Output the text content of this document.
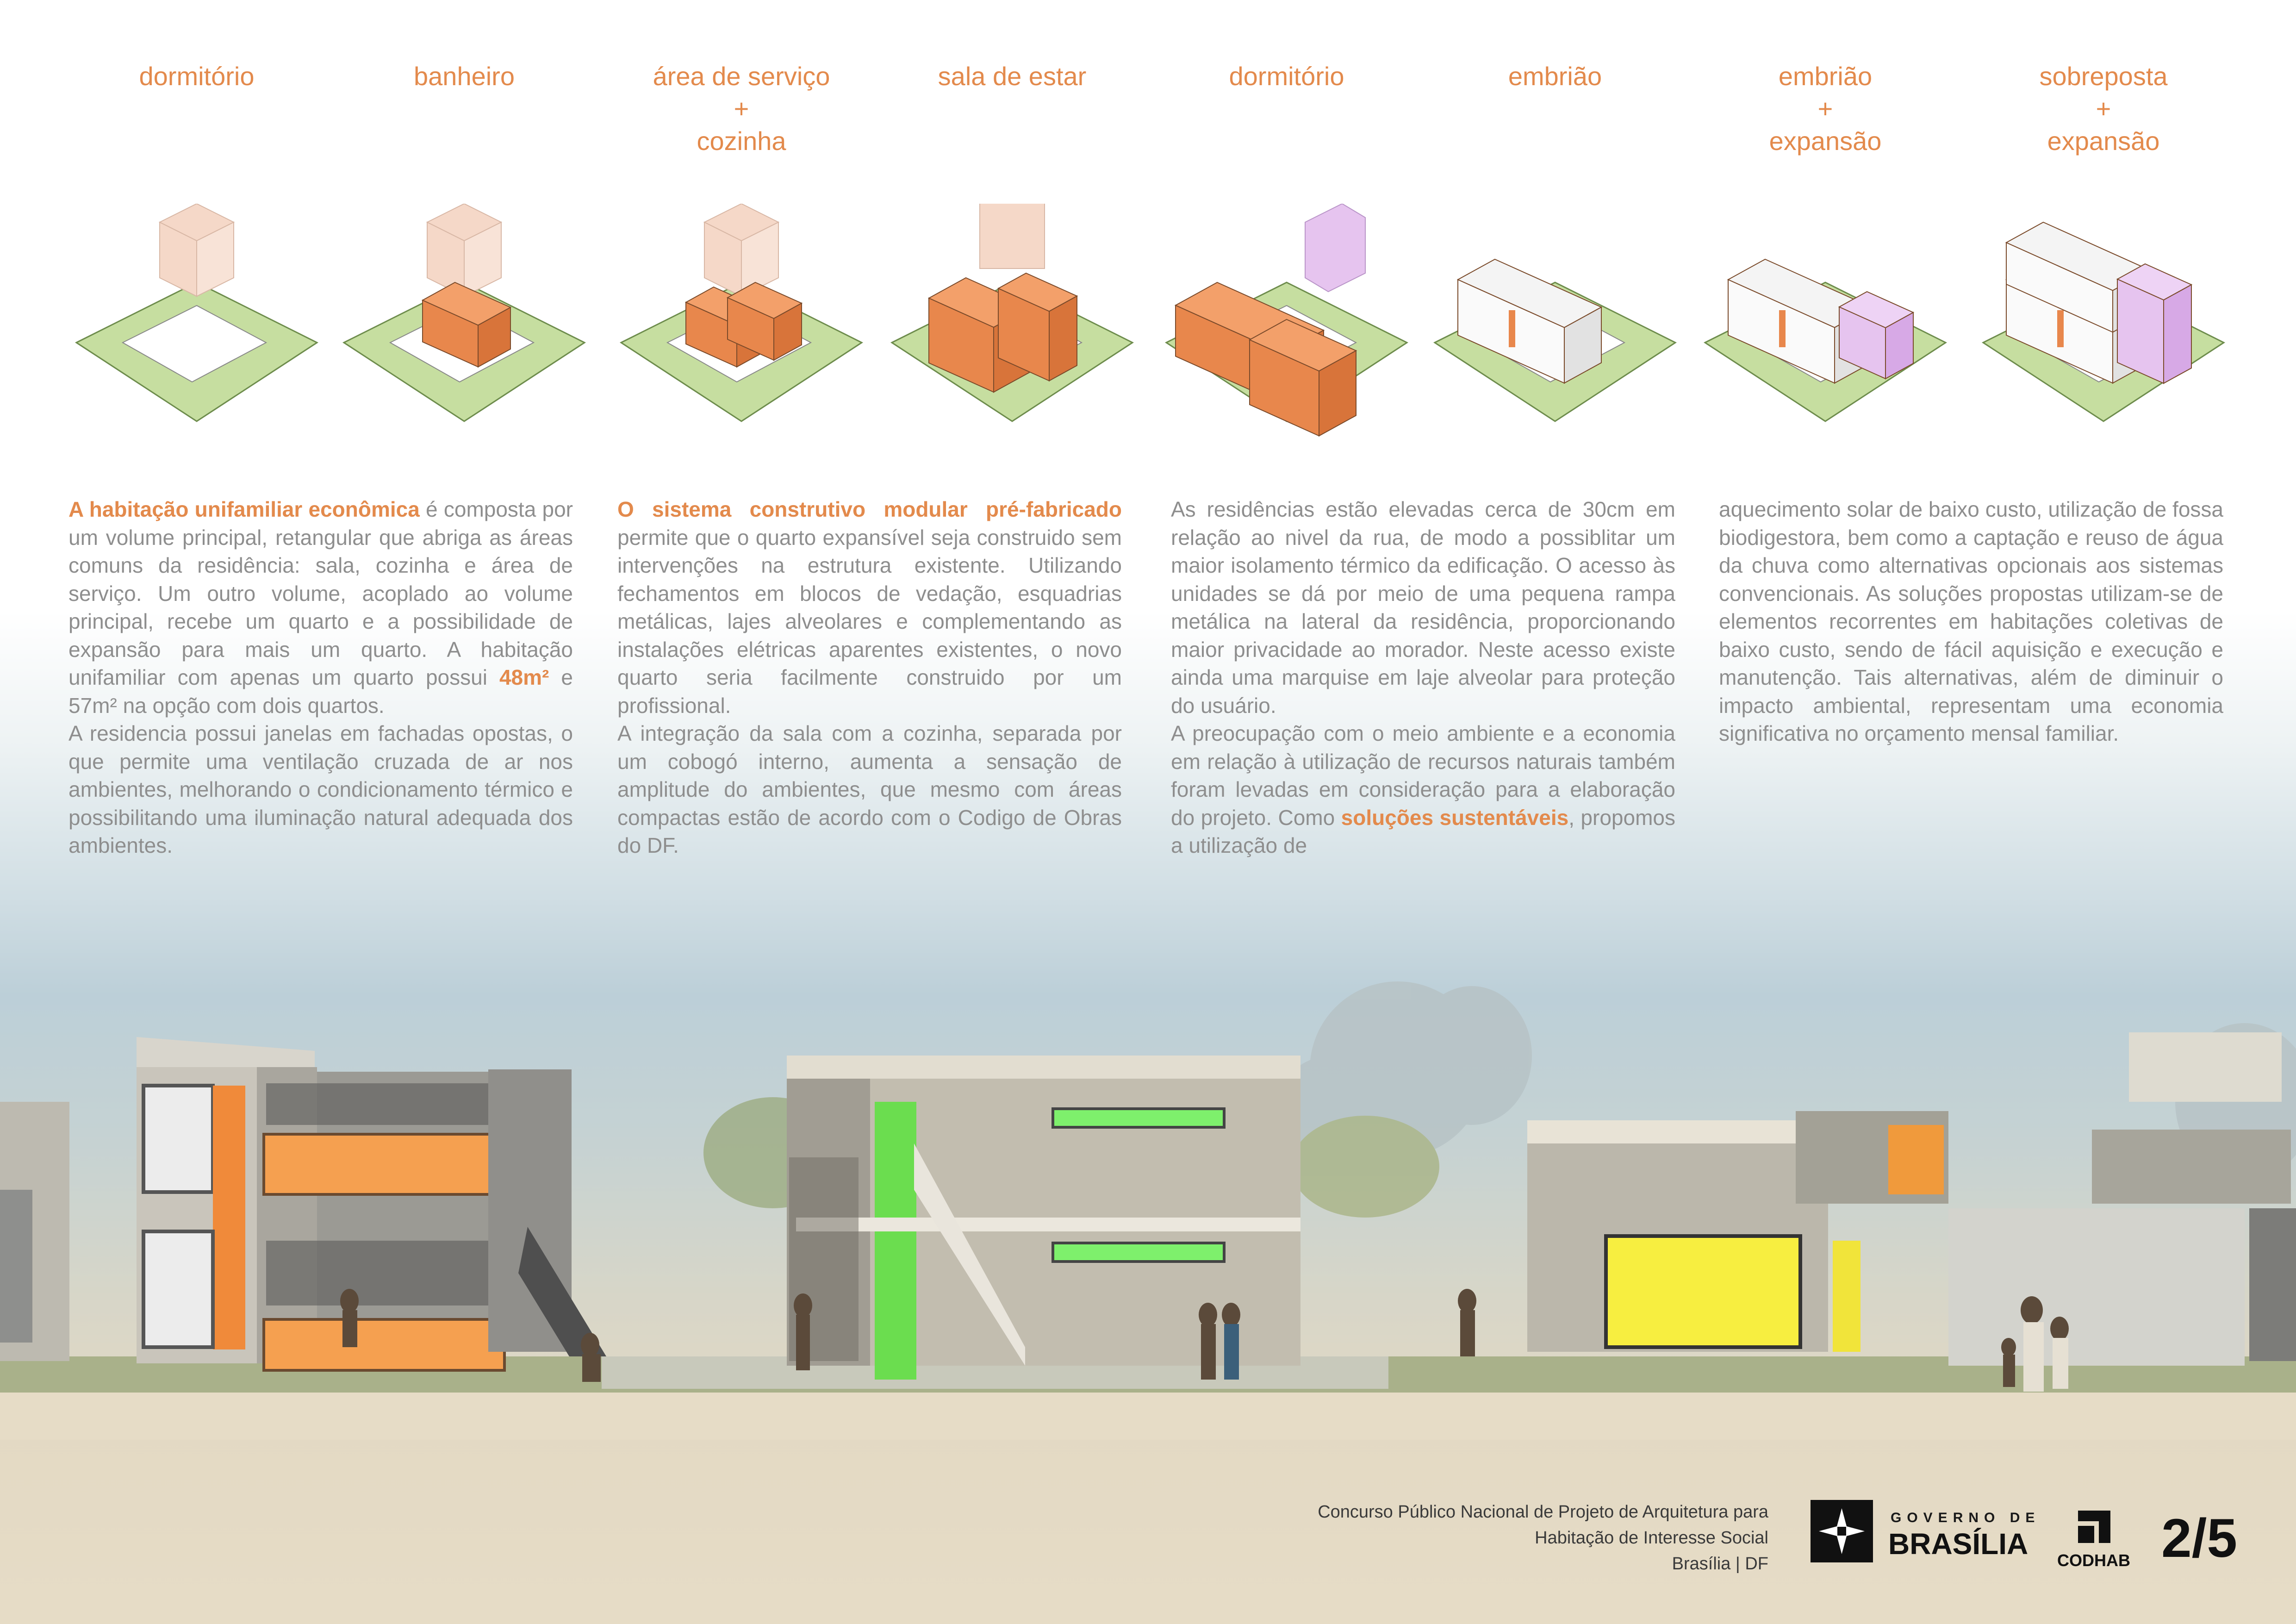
dormitório	banheiro	área de serviço
+
cozinha
sala de estar	dormitório	embrião	embrião
+
expansão
sobreposta
+
expansão

A habitação unifamiliar econômica é composta por um volume principal, retangular que abriga as áreas comuns da residência: sala, cozinha e área de serviço. Um outro volume, acoplado ao volume principal, recebe um quarto e a possibilidade de expansão para mais um quarto. A habitação unifamiliar com apenas um quarto possui 48m² e 57m² na opção com dois quartos.

A residencia possui janelas em fachadas opostas, o que permite uma ventilação cruzada de ar nos ambientes, melhorando o condicionamento térmico e possibilitando uma iluminação natural adequada dos ambientes.

O sistema construtivo modular pré-fabricado permite que o quarto expansível seja construido sem intervenções na estrutura existente. Utilizando fechamentos em blocos de vedação, esquadrias metálicas, lajes alveolares e complementando as instalações elétricas aparentes existentes, o novo quarto seria facilmente construido por um profissional.

A integração da sala com a cozinha, separada por um cobogó interno, aumenta a sensação de amplitude do ambientes, que mesmo com áreas compactas estão de acordo com o Codigo de Obras do DF.

As residências estão elevadas cerca de 30cm em relação ao nivel da rua, de modo a possiblitar um maior isolamento térmico da edificação. O acesso às unidades se dá por meio de uma pequena rampa metálica na lateral da residência, proporcionando maior privacidade ao morador. Neste acesso existe ainda uma marquise em laje alveolar para proteção do usuário.

A preocupação com o meio ambiente e a economia em relação à utilização de recursos naturais também foram levadas em consideração para a elaboração do projeto. Como soluções sustentáveis, propomos a utilização de

aquecimento solar de baixo custo, utilização de fossa biodigestora, bem como a captação e reuso de água da chuva como alternativas opcionais aos sistemas convencionais. As soluções propostas utilizam-se de elementos recorrentes em habitações coletivas de baixo custo, sendo de fácil aquisição e execução e manutenção. Tais alternativas, além de diminuir o impacto ambiental, representam uma economia significativa no orçamento mensal familiar.

Concurso Público Nacional de Projeto de Arquitetura para
Habitação de Interesse Social
Brasília | DF
GOVERNO DE
BRASÍLIA CODHAB 2/5
